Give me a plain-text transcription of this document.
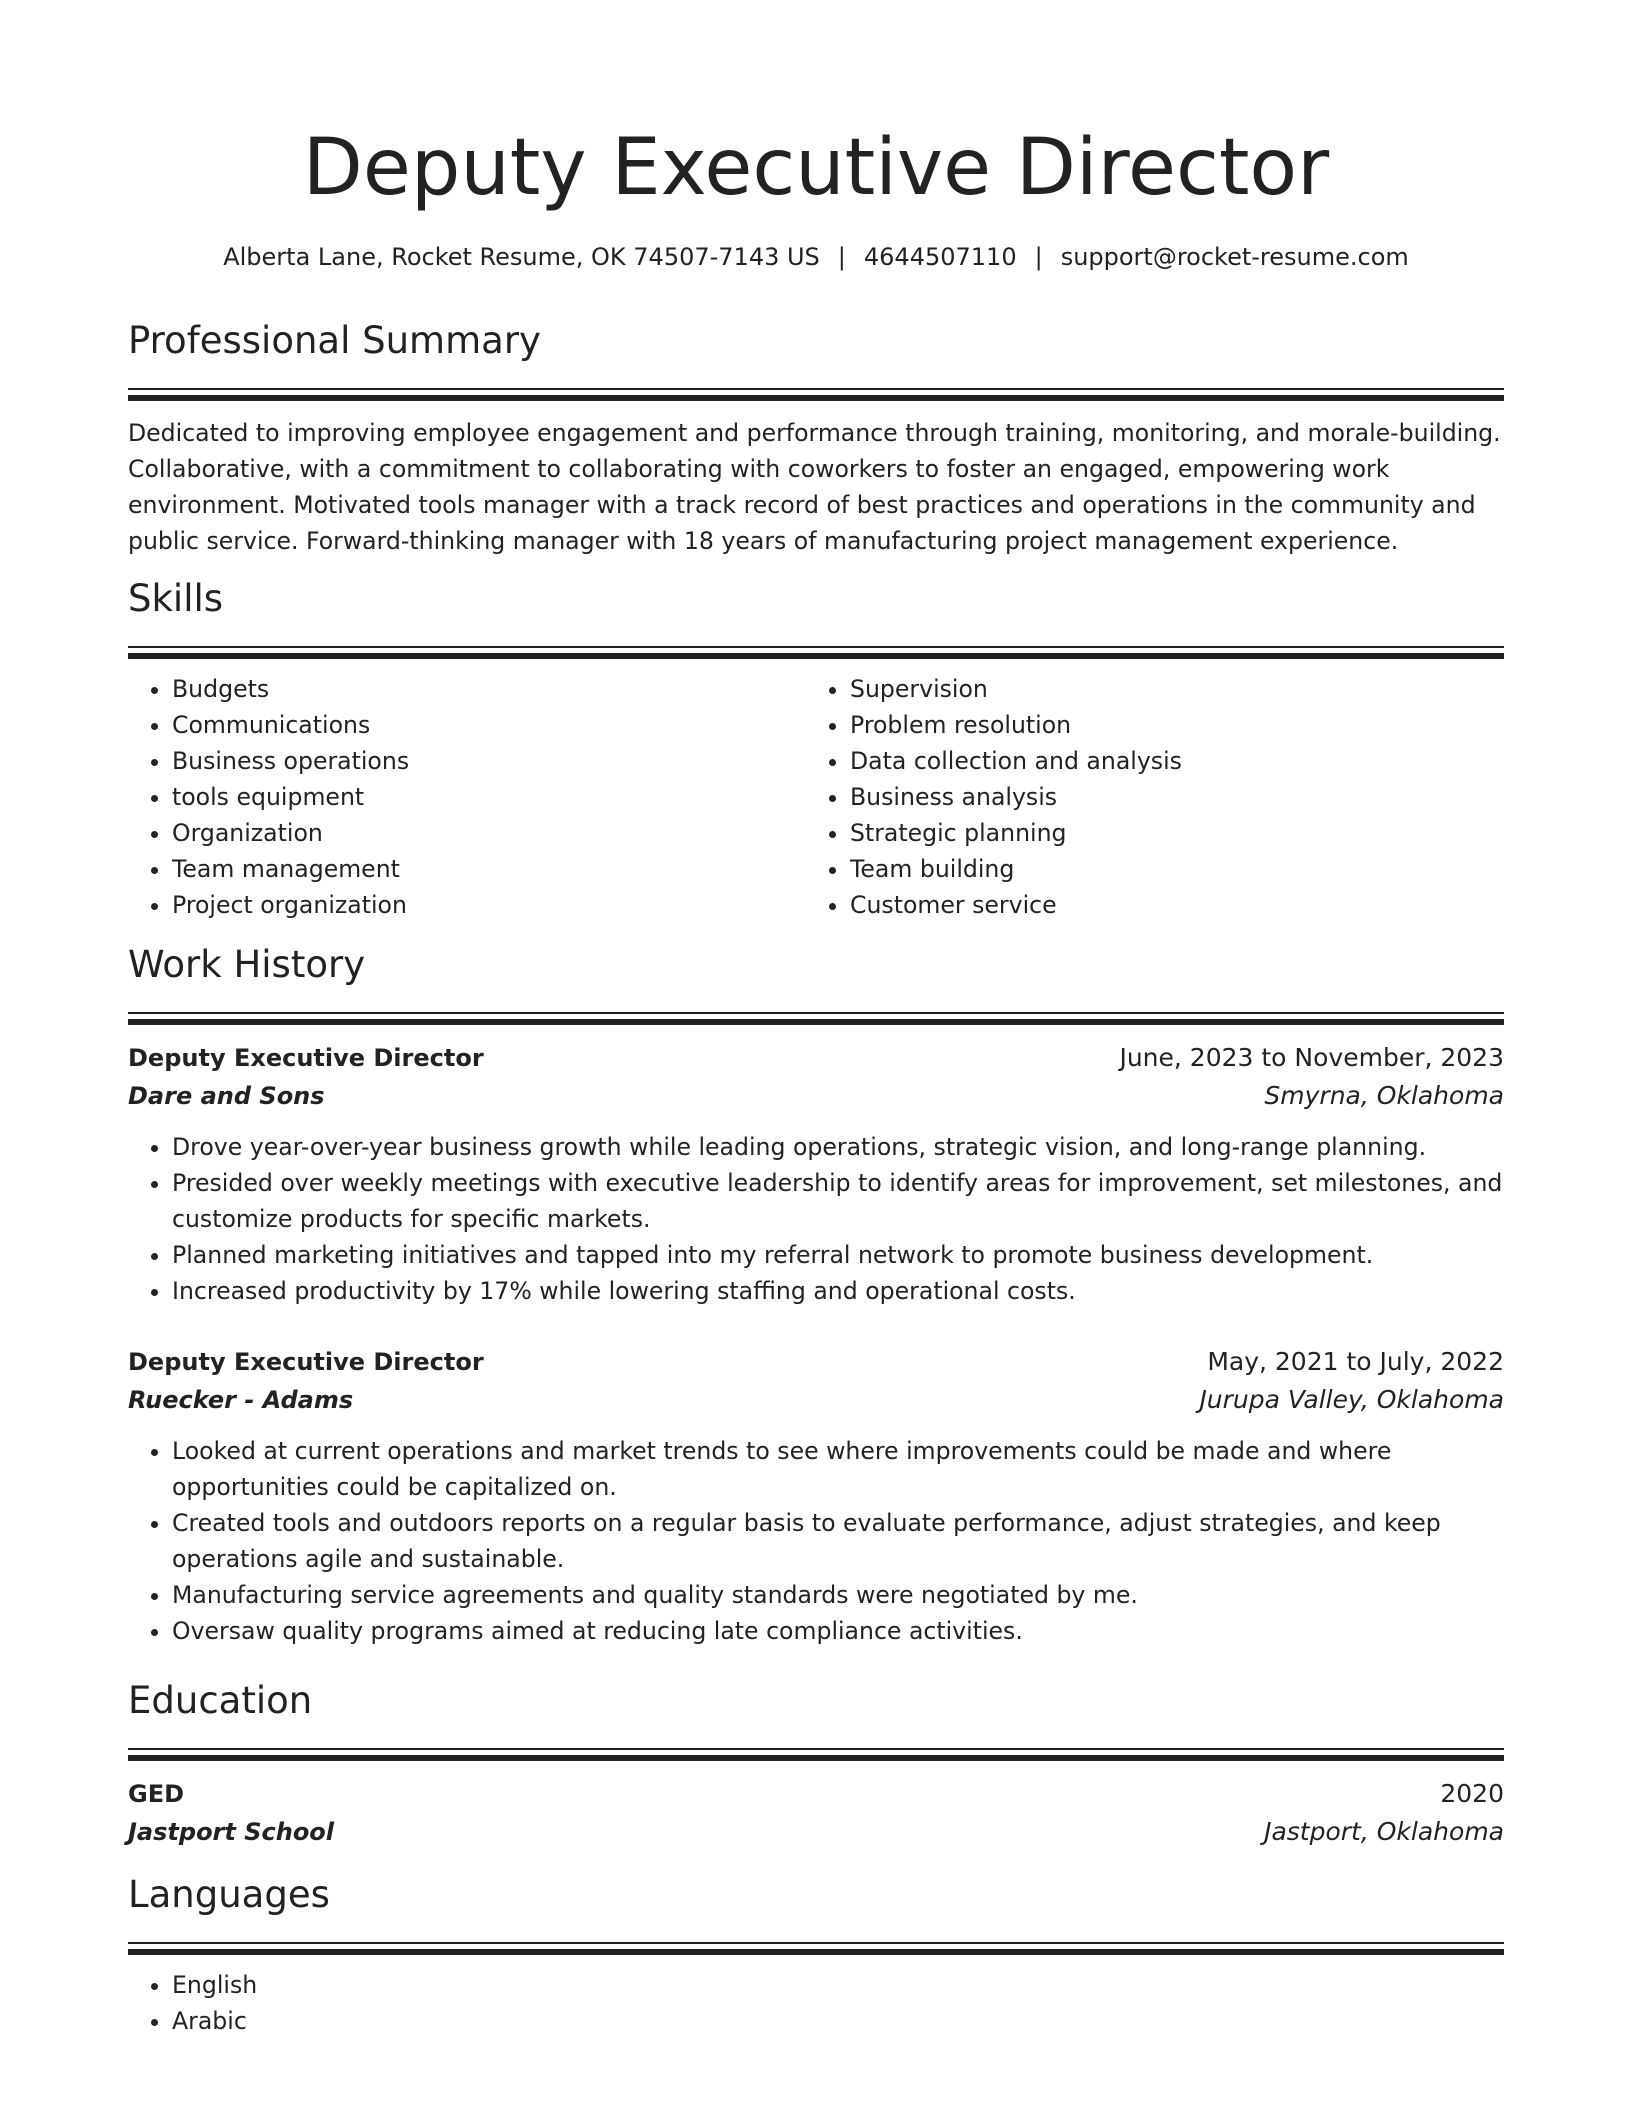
Deputy Executive Director
Alberta Lane, Rocket Resume, OK 74507-7143 US | 4644507110 | support@rocket-resume.com
Professional Summary

Dedicated to improving employee engagement and performance through training, monitoring, and morale-building. Collaborative, with a commitment to collaborating with coworkers to foster an engaged, empowering work environment. Motivated tools manager with a track record of best practices and operations in the community and public service. Forward-thinking manager with 18 years of manufacturing project management experience.

Skills
• Budgets
• Communications
• Business operations
• tools equipment
• Organization
• Team management
• Project organization
• Supervision
• Problem resolution
• Data collection and analysis
• Business analysis
• Strategic planning
• Team building
• Customer service
Work History
Deputy Executive Director	June, 2023 to November, 2023
Dare and Sons	Smyrna, Oklahoma
• Drove year-over-year business growth while leading operations, strategic vision, and long-range planning.
• Presided over weekly meetings with executive leadership to identify areas for improvement, set milestones, and customize products for specific markets.
• Planned marketing initiatives and tapped into my referral network to promote business development.
• Increased productivity by 17% while lowering staffing and operational costs.
Deputy Executive Director	May, 2021 to July, 2022
Ruecker - Adams	Jurupa Valley, Oklahoma
• Looked at current operations and market trends to see where improvements could be made and where opportunities could be capitalized on.
• Created tools and outdoors reports on a regular basis to evaluate performance, adjust strategies, and keep operations agile and sustainable.
• Manufacturing service agreements and quality standards were negotiated by me.
• Oversaw quality programs aimed at reducing late compliance activities.
Education
GED	2020
Jastport School	Jastport, Oklahoma
Languages
• English
• Arabic
